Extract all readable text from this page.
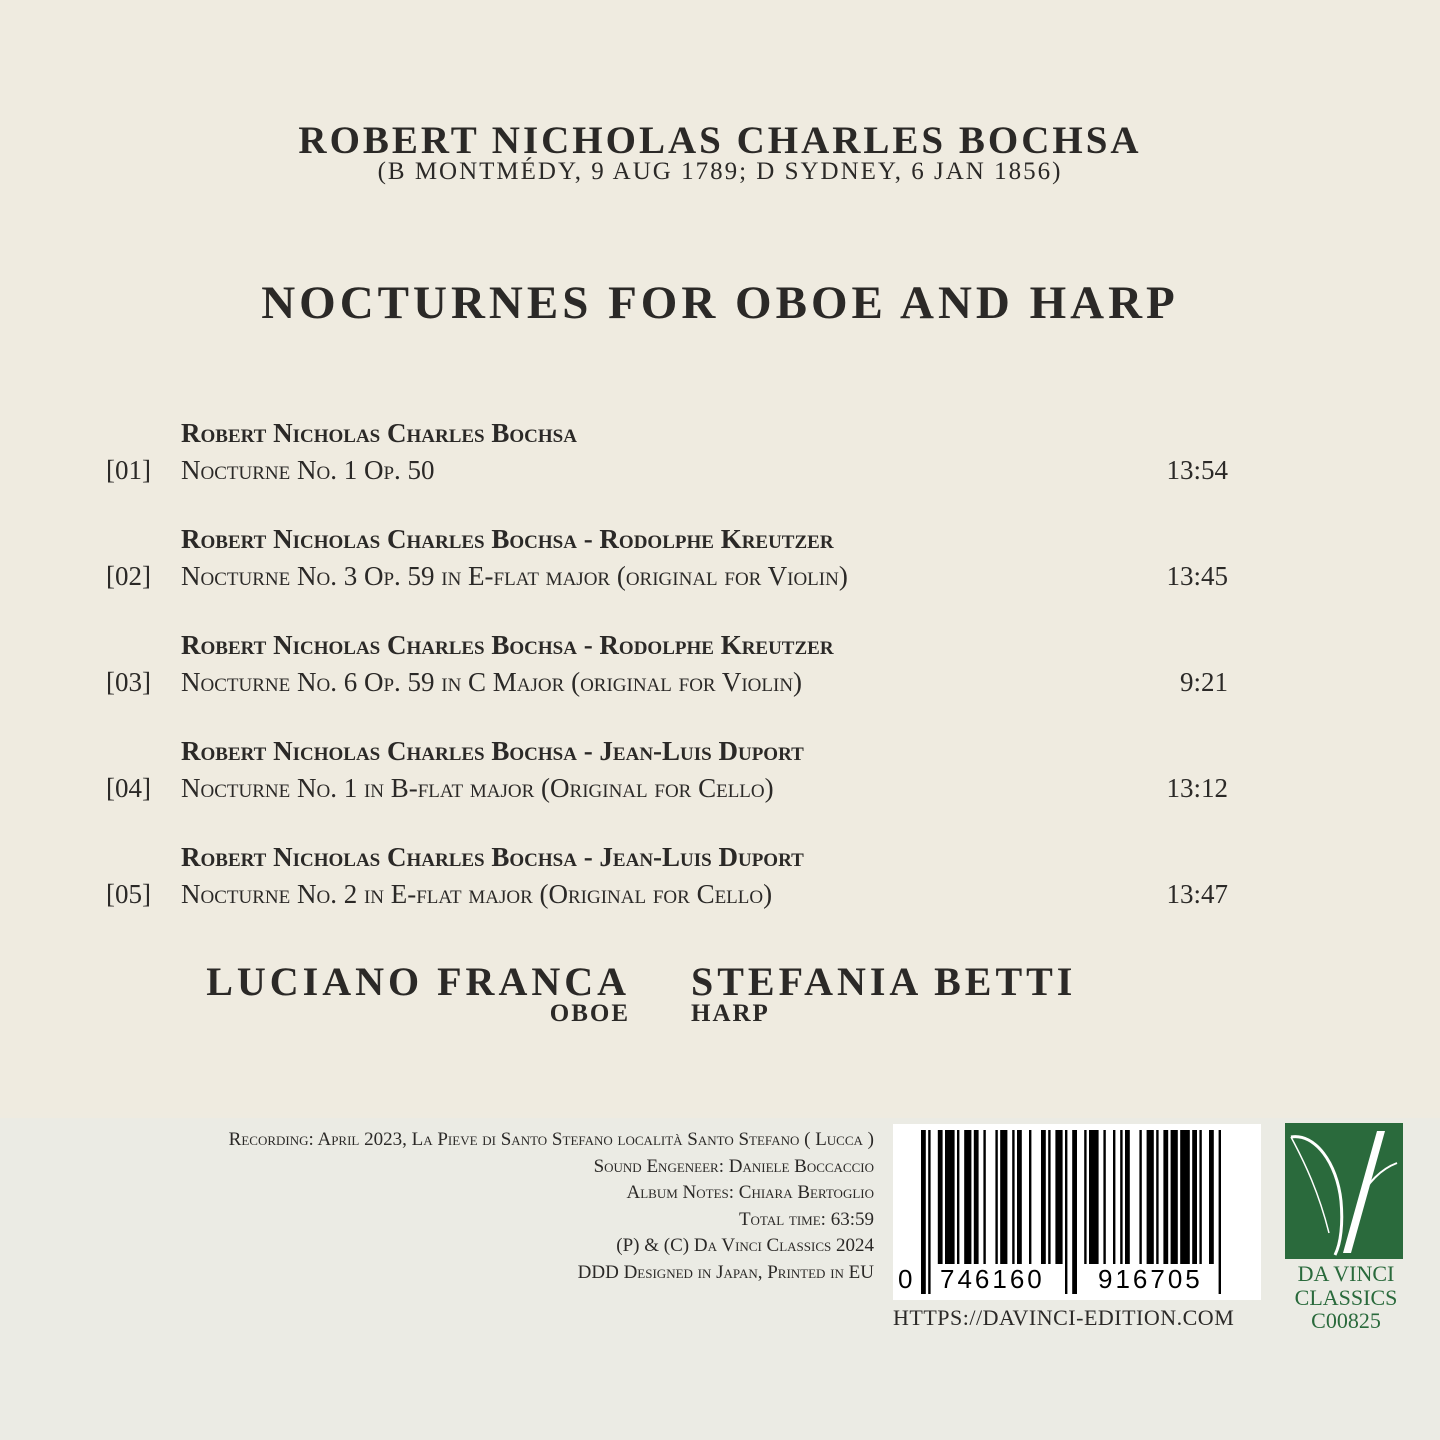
ROBERT NICHOLAS CHARLES BOCHSA
(B MONTMÉDY, 9 AUG 1789; D SYDNEY, 6 JAN 1856)
NOCTURNES FOR OBOE AND HARP
Robert Nicholas Charles Bochsa
[01] Nocturne No. 1 Op. 50	13:54
Robert Nicholas Charles Bochsa - Rodolphe Kreutzer
[02] Nocturne No. 3 Op. 59 in E-flat major (original for Violin)	13:45
Robert Nicholas Charles Bochsa - Rodolphe Kreutzer
[03] Nocturne No. 6 Op. 59 in C Major (original for Violin)	9:21
Robert Nicholas Charles Bochsa - Jean-Luis Duport
[04] Nocturne No. 1 in B-flat major (Original for Cello)	13:12
Robert Nicholas Charles Bochsa - Jean-Luis Duport
[05] Nocturne No. 2 in E-flat major (Original for Cello)	13:47
LUCIANO FRANCA
OBOE
STEFANIA BETTI
HARP
Recording: April 2023, La Pieve di Santo Stefano località Santo Stefano ( Lucca )
Sound Engeneer: Daniele Boccaccio
Album Notes: Chiara Bertoglio
Total time: 63:59
(P) & (C) Da Vinci Classics 2024
DDD Designed in Japan, Printed in EU 0 746160 916705
HTTPS://DAVINCI-EDITION.COM
DA VINCI
CLASSICS
C00825
